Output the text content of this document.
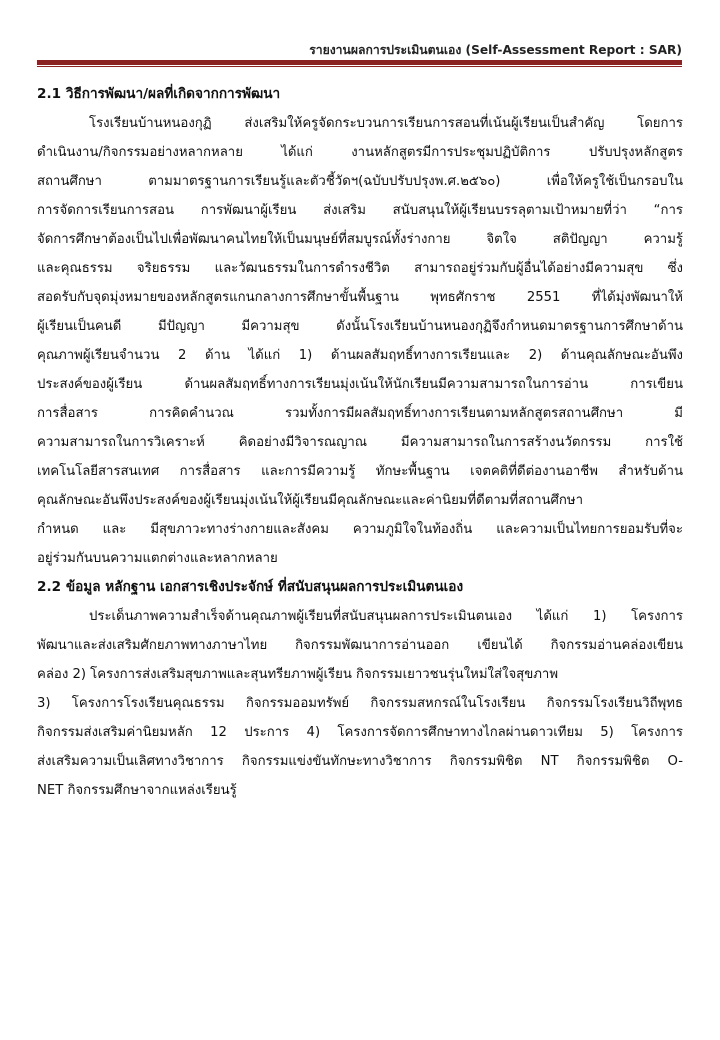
รายงานผลการประเมินตนเอง (Self-Assessment Report : SAR)
2.1 วิธีการพัฒนา/ผลที่เกิดจากการพัฒนา
โรงเรียนบ้านหนองกุฏิ ส่งเสริมให้ครูจัดกระบวนการเรียนการสอนที่เน้นผู้เรียนเป็นสำคัญ โดยการ
ดำเนินงาน/กิจกรรมอย่างหลากหลาย ได้แก่ งานหลักสูตรมีการประชุมปฏิบัติการ ปรับปรุงหลักสูตร
สถานศึกษา ตามมาตรฐานการเรียนรู้และตัวชี้วัดฯ(ฉบับปรับปรุงพ.ศ.๒๕๖๐) เพื่อให้ครูใช้เป็นกรอบใน
การจัดการเรียนการสอน การพัฒนาผู้เรียน ส่งเสริม สนับสนุนให้ผู้เรียนบรรลุตามเป้าหมายที่ว่า “การ
จัดการศึกษาต้องเป็นไปเพื่อพัฒนาคนไทยให้เป็นมนุษย์ที่สมบูรณ์ทั้งร่างกาย จิตใจ สติปัญญา ความรู้
และคุณธรรม จริยธรรม และวัฒนธรรมในการดำรงชีวิต สามารถอยู่ร่วมกับผู้อื่นได้อย่างมีความสุข ซึ่ง
สอดรับกับจุดมุ่งหมายของหลักสูตรแกนกลางการศึกษาขั้นพื้นฐาน พุทธศักราช 2551 ที่ได้มุ่งพัฒนาให้
ผู้เรียนเป็นคนดี มีปัญญา มีความสุข ดังนั้นโรงเรียนบ้านหนองกุฏิจึงกำหนดมาตรฐานการศึกษาด้าน
คุณภาพผู้เรียนจำนวน 2 ด้าน ได้แก่ 1) ด้านผลสัมฤทธิ์ทางการเรียนและ 2) ด้านคุณลักษณะอันพึง
ประสงค์ของผู้เรียน ด้านผลสัมฤทธิ์ทางการเรียนมุ่งเน้นให้นักเรียนมีความสามารถในการอ่าน การเขียน
การสื่อสาร การคิดคำนวณ รวมทั้งการมีผลสัมฤทธิ์ทางการเรียนตามหลักสูตรสถานศึกษา มี
ความสามารถในการวิเคราะห์ คิดอย่างมีวิจารณญาณ มีความสามารถในการสร้างนวัตกรรม การใช้
เทคโนโลยีสารสนเทศ การสื่อสาร และการมีความรู้ ทักษะพื้นฐาน เจตคติที่ดีต่องานอาชีพ สำหรับด้าน
คุณลักษณะอันพึงประสงค์ของผู้เรียนมุ่งเน้นให้ผู้เรียนมีคุณลักษณะและค่านิยมที่ดีตามที่สถานศึกษา
กำหนด และ มีสุขภาวะทางร่างกายและสังคม ความภูมิใจในท้องถิ่น และความเป็นไทยการยอมรับที่จะ
อยู่ร่วมกันบนความแตกต่างและหลากหลาย
2.2 ข้อมูล หลักฐาน เอกสารเชิงประจักษ์ ที่สนับสนุนผลการประเมินตนเอง
ประเด็นภาพความสำเร็จด้านคุณภาพผู้เรียนที่สนับสนุนผลการประเมินตนเอง ได้แก่ 1) โครงการ
พัฒนาและส่งเสริมศักยภาพทางภาษาไทย กิจกรรมพัฒนาการอ่านออก เขียนได้ กิจกรรมอ่านคล่องเขียน
คล่อง 2) โครงการส่งเสริมสุขภาพและสุนทรียภาพผู้เรียน กิจกรรมเยาวชนรุ่นใหม่ใส่ใจสุขภาพ
3) โครงการโรงเรียนคุณธรรม กิจกรรมออมทรัพย์ กิจกรรมสหกรณ์ในโรงเรียน กิจกรรมโรงเรียนวิถีพุทธ
กิจกรรมส่งเสริมค่านิยมหลัก 12 ประการ 4) โครงการจัดการศึกษาทางไกลผ่านดาวเทียม 5) โครงการ
ส่งเสริมความเป็นเลิศทางวิชาการ กิจกรรมแข่งขันทักษะทางวิชาการ กิจกรรมพิชิต NT กิจกรรมพิชิต O-
NET กิจกรรมศึกษาจากแหล่งเรียนรู้
